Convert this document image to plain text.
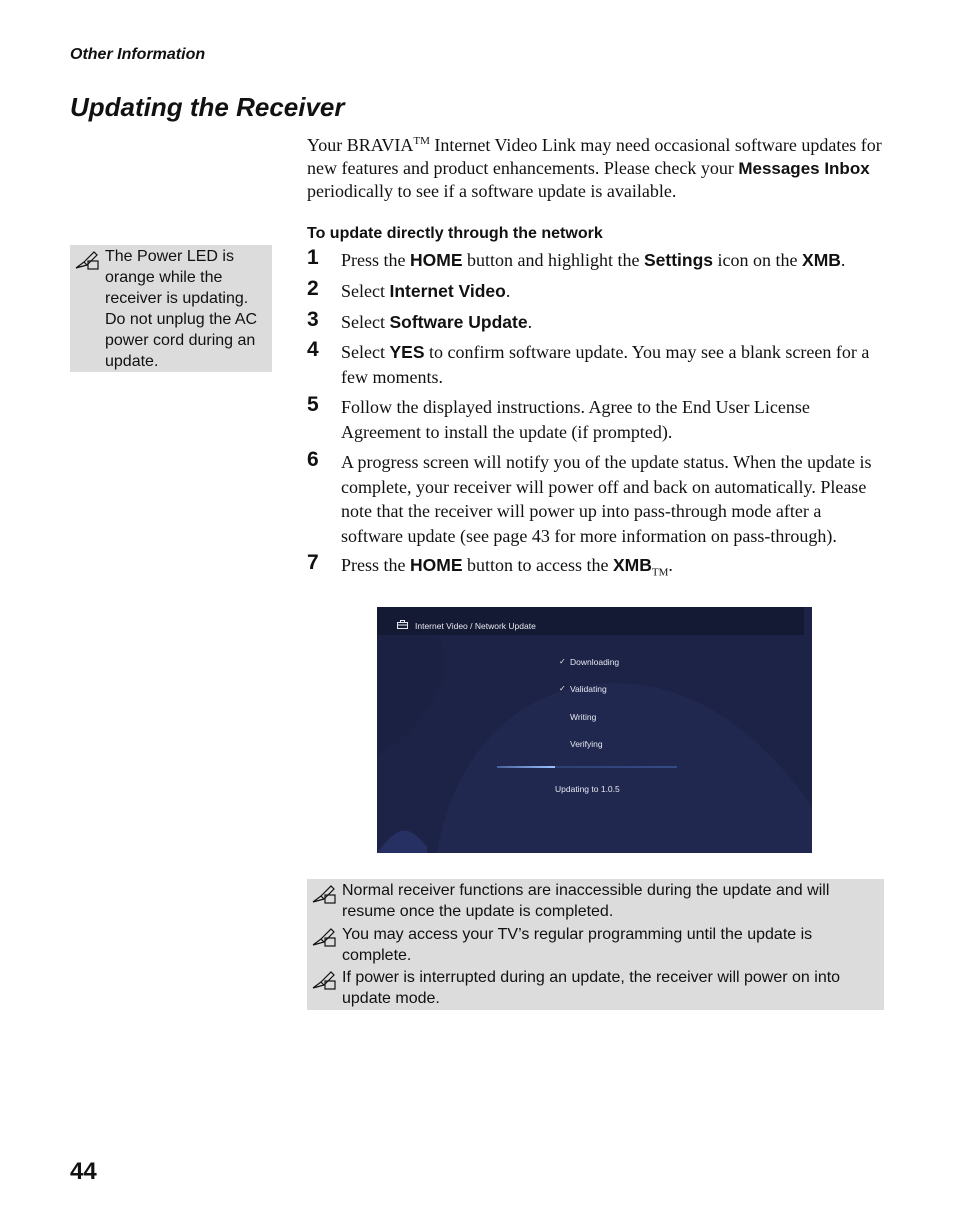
Other Information
Updating the Receiver

Your BRAVIA™ Internet Video Link may need occasional software updates for new features and product enhancements. Please check your Messages Inbox periodically to see if a software update is available.

The Power LED is orange while the receiver is updating. Do not unplug the AC power cord during an update.
To update directly through the network
1 Press the HOME button and highlight the Settings icon on the XMB.
2 Select Internet Video.
3 Select Software Update.
4 Select YES to confirm software update. You may see a blank screen for a few moments.
5 Follow the displayed instructions. Agree to the End User License Agreement to install the update (if prompted).
6 A progress screen will notify you of the update status. When the update is complete, your receiver will power off and back on automatically. Please note that the receiver will power up into pass-through mode after a software update (see page 43 for more information on pass-through).
7 Press the HOME button to access the $XMB_{TM}$.
Internet Video / Network Update
✓ Downloading
✓ Validating
Writing
Verifying
Updating to 1.0.5
Normal receiver functions are inaccessible during the update and will resume once the update is completed.
You may access your TV’s regular programming until the update is complete.
If power is interrupted during an update, the receiver will power on into update mode.
44
